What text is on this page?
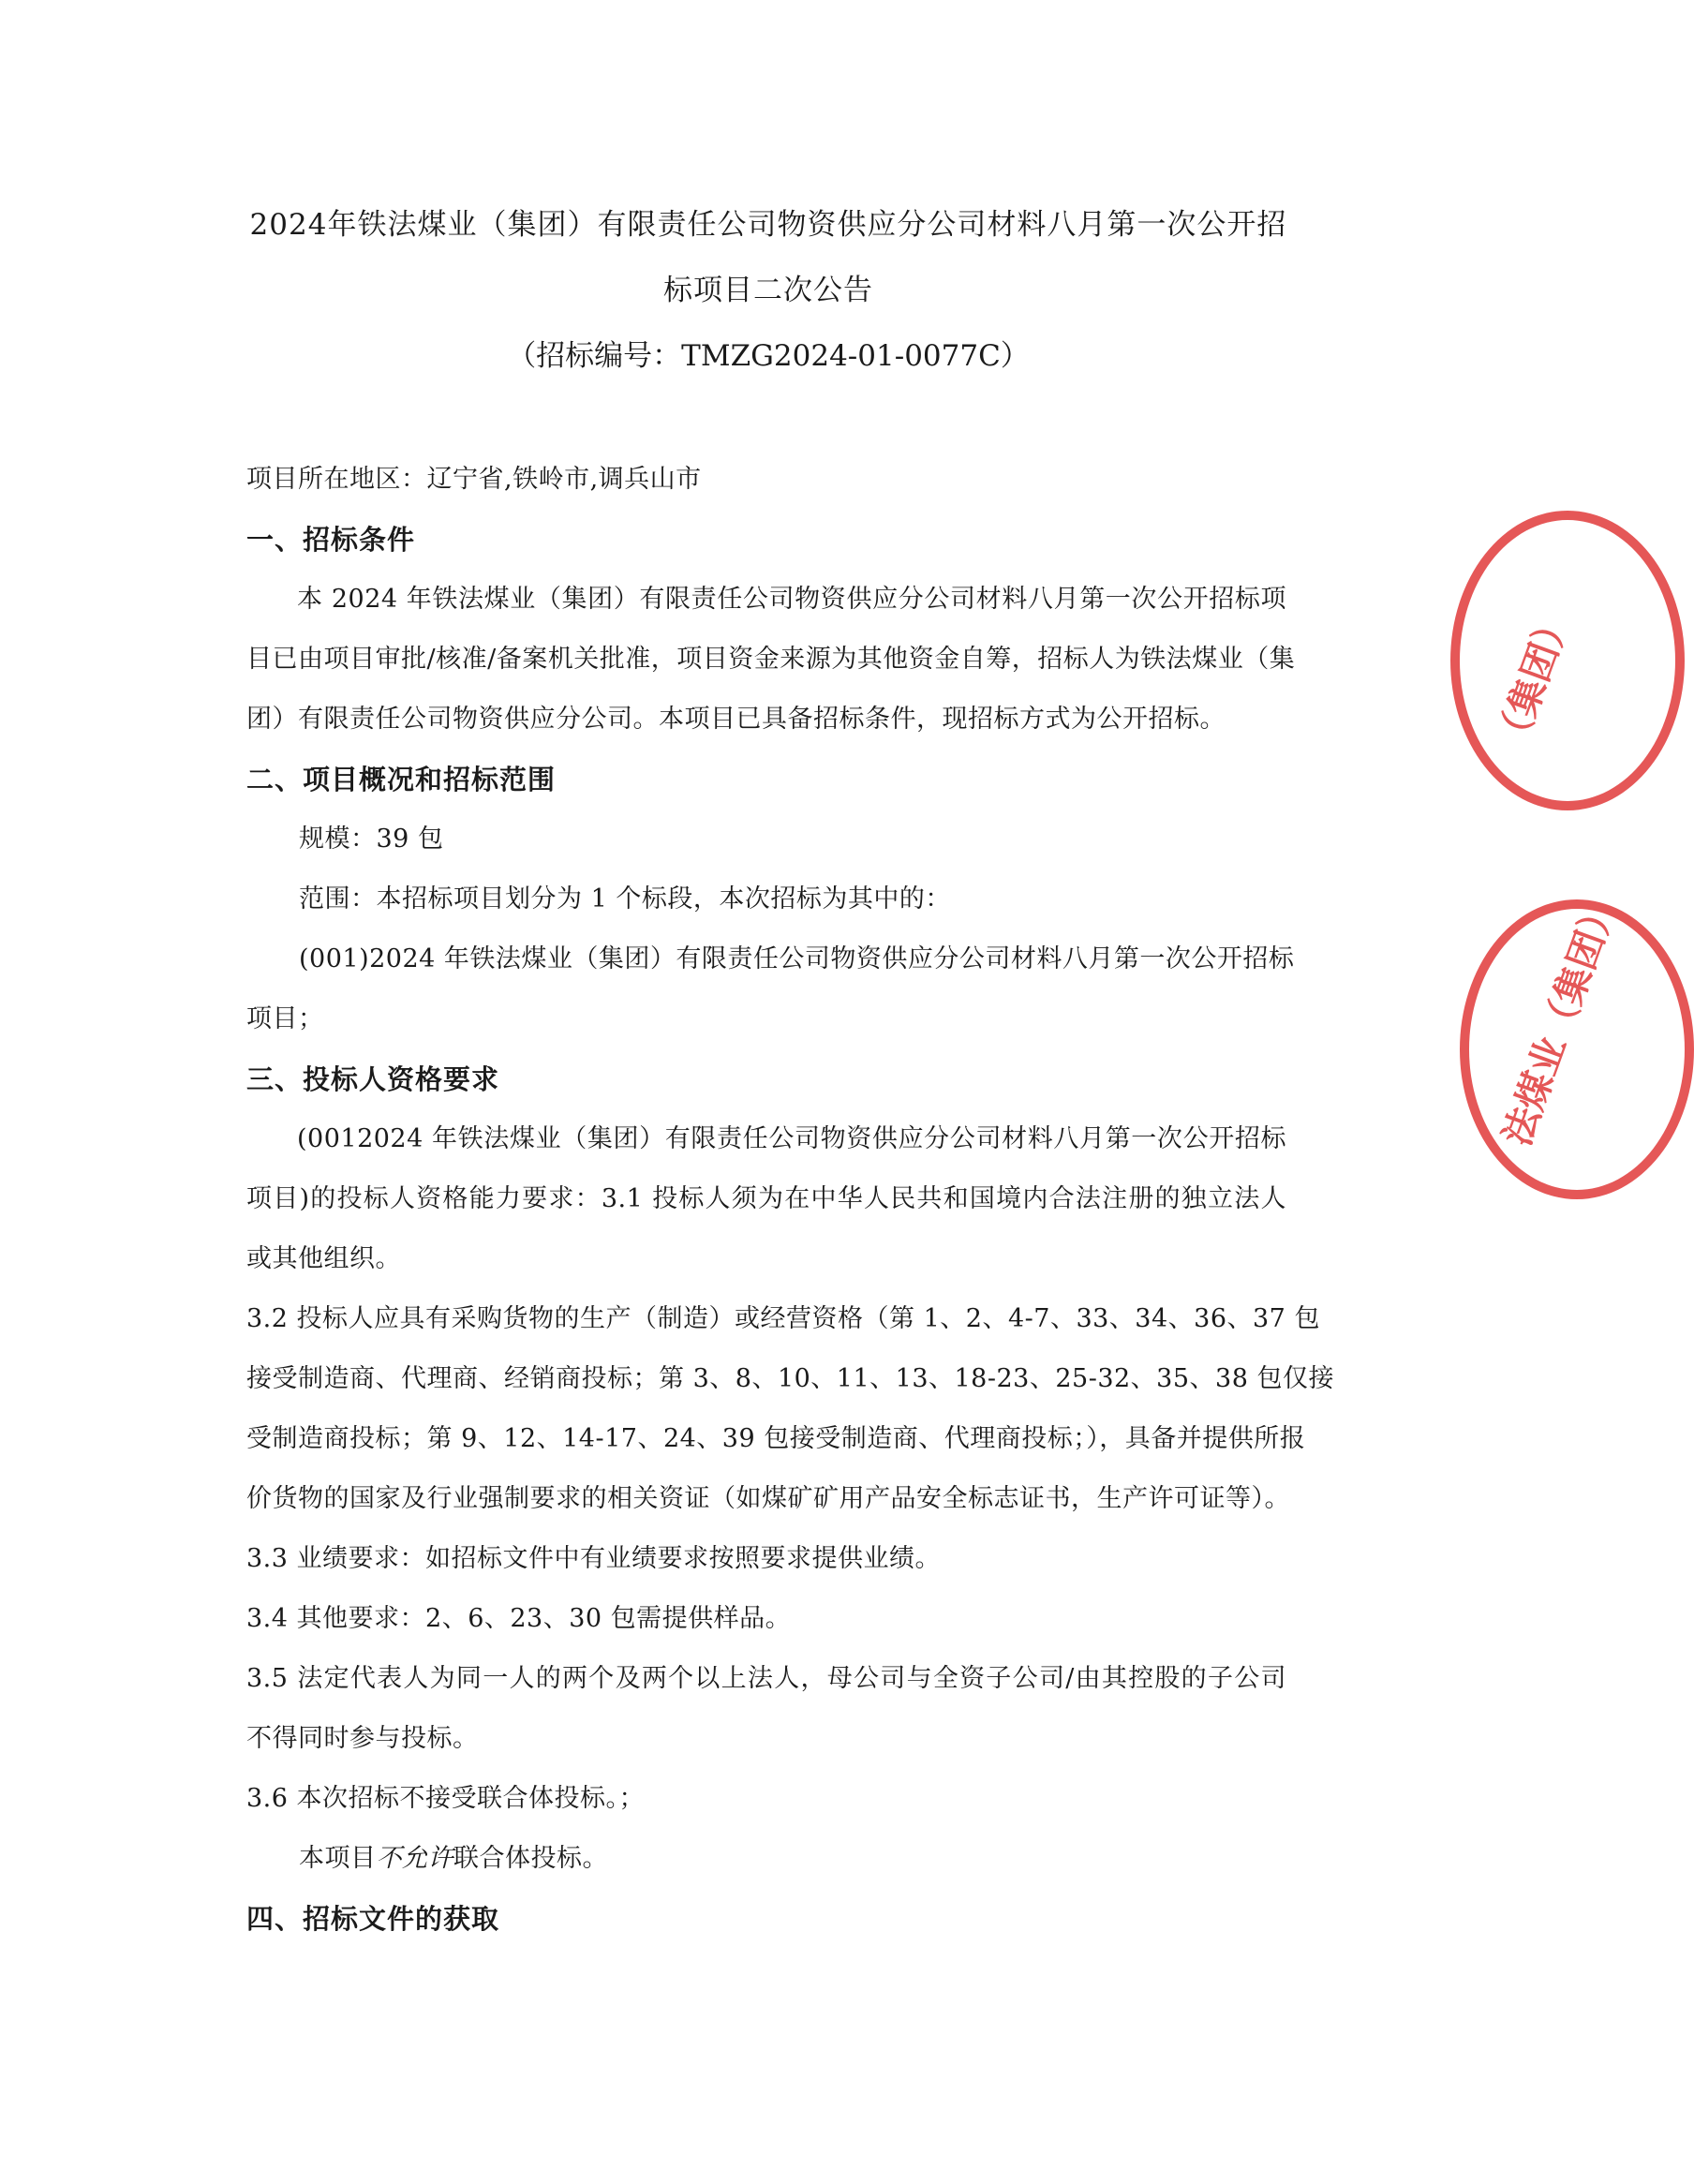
2024年铁法煤业（集团）有限责任公司物资供应分公司材料八月第一次公开招

标项目二次公告

（招标编号：TMZG2024-01-0077C）

项目所在地区：辽宁省,铁岭市,调兵山市

一、招标条件

本 2024 年铁法煤业（集团）有限责任公司物资供应分公司材料八月第一次公开招标项

目已由项目审批/核准/备案机关批准，项目资金来源为其他资金自筹，招标人为铁法煤业（集

团）有限责任公司物资供应分公司。本项目已具备招标条件，现招标方式为公开招标。

二、项目概况和招标范围

规模：39 包

范围：本招标项目划分为 1 个标段，本次招标为其中的：

(001)2024 年铁法煤业（集团）有限责任公司物资供应分公司材料八月第一次公开招标

项目；

三、投标人资格要求

(0012024 年铁法煤业（集团）有限责任公司物资供应分公司材料八月第一次公开招标

项目)的投标人资格能力要求：3.1 投标人须为在中华人民共和国境内合法注册的独立法人

或其他组织。

3.2 投标人应具有采购货物的生产（制造）或经营资格（第 1、2、4-7、33、34、36、37 包

接受制造商、代理商、经销商投标；第 3、8、10、11、13、18-23、25-32、35、38 包仅接

受制造商投标；第 9、12、14-17、24、39 包接受制造商、代理商投标；），具备并提供所报

价货物的国家及行业强制要求的相关资证（如煤矿矿用产品安全标志证书，生产许可证等）。

3.3 业绩要求：如招标文件中有业绩要求按照要求提供业绩。

3.4 其他要求：2、6、23、30 包需提供样品。

3.5 法定代表人为同一人的两个及两个以上法人，母公司与全资子公司/由其控股的子公司

不得同时参与投标。

3.6 本次招标不接受联合体投标。；

本项目不允许联合体投标。

四、招标文件的获取

（集团）
法煤业（集团）
